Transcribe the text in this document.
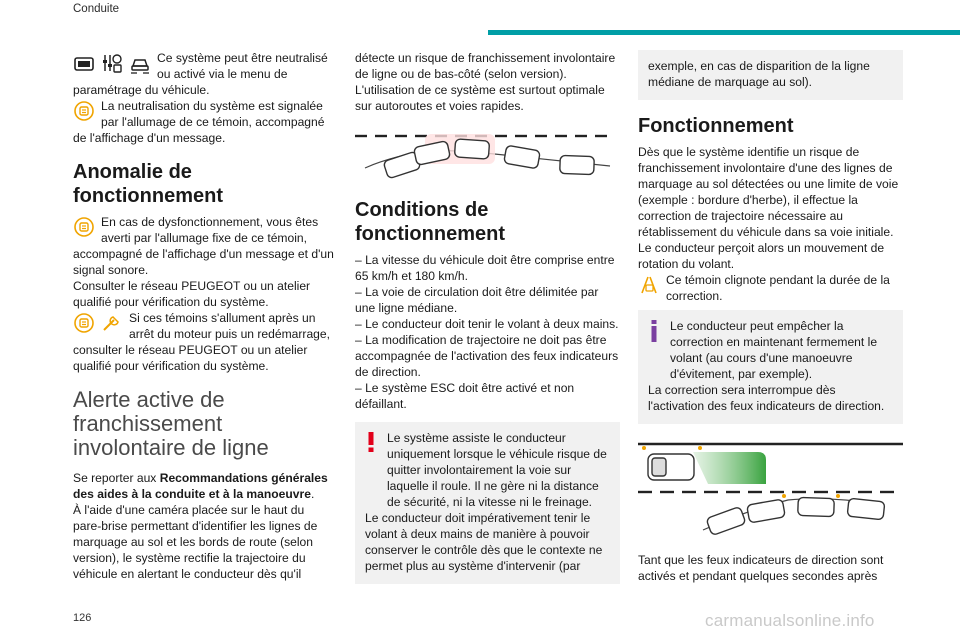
Conduite

Ce système peut être neutralisé ou activé via le menu de paramétrage du véhicule.

La neutralisation du système est signalée par l'allumage de ce témoin, accompagné de l'affichage d'un message.

Anomalie de fonctionnement

En cas de dysfonctionnement, vous êtes averti par l'allumage fixe de ce témoin, accompagné de l'affichage d'un message et d'un signal sonore.

Consulter le réseau PEUGEOT ou un atelier qualifié pour vérification du système.

Si ces témoins s'allument après un arrêt du moteur puis un redémarrage, consulter le réseau PEUGEOT ou un atelier qualifié pour vérification du système.

Alerte active de franchissement involontaire de ligne

Se reporter aux Recommandations générales des aides à la conduite et à la manoeuvre.

À l'aide d'une caméra placée sur le haut du pare-brise permettant d'identifier les lignes de marquage au sol et les bords de route (selon version), le système rectifie la trajectoire du véhicule en alertant le conducteur dès qu'il

détecte un risque de franchissement involontaire de ligne ou de bas-côté (selon version).

L'utilisation de ce système est surtout optimale sur autoroutes et voies rapides.

Conditions de fonctionnement

– La vitesse du véhicule doit être comprise entre 65 km/h et 180 km/h.

– La voie de circulation doit être délimitée par une ligne médiane.

– Le conducteur doit tenir le volant à deux mains.

– La modification de trajectoire ne doit pas être accompagnée de l'activation des feux indicateurs de direction.

– Le système ESC doit être activé et non défaillant.

Le système assiste le conducteur uniquement lorsque le véhicule risque de quitter involontairement la voie sur laquelle il roule. Il ne gère ni la distance de sécurité, ni la vitesse ni le freinage.

Le conducteur doit impérativement tenir le volant à deux mains de manière à pouvoir conserver le contrôle dès que le contexte ne permet plus au système d'intervenir (par

exemple, en cas de disparition de la ligne médiane de marquage au sol).

Fonctionnement

Dès que le système identifie un risque de franchissement involontaire d'une des lignes de marquage au sol détectées ou une limite de voie (exemple : bordure d'herbe), il effectue la correction de trajectoire nécessaire au rétablissement du véhicule dans sa voie initiale.

Le conducteur perçoit alors un mouvement de rotation du volant.

Ce témoin clignote pendant la durée de la correction.

Le conducteur peut empêcher la correction en maintenant fermement le volant (au cours d'une manoeuvre d'évitement, par exemple).

La correction sera interrompue dès l'activation des feux indicateurs de direction.

Tant que les feux indicateurs de direction sont activés et pendant quelques secondes après

126	carmanualsonline.info
